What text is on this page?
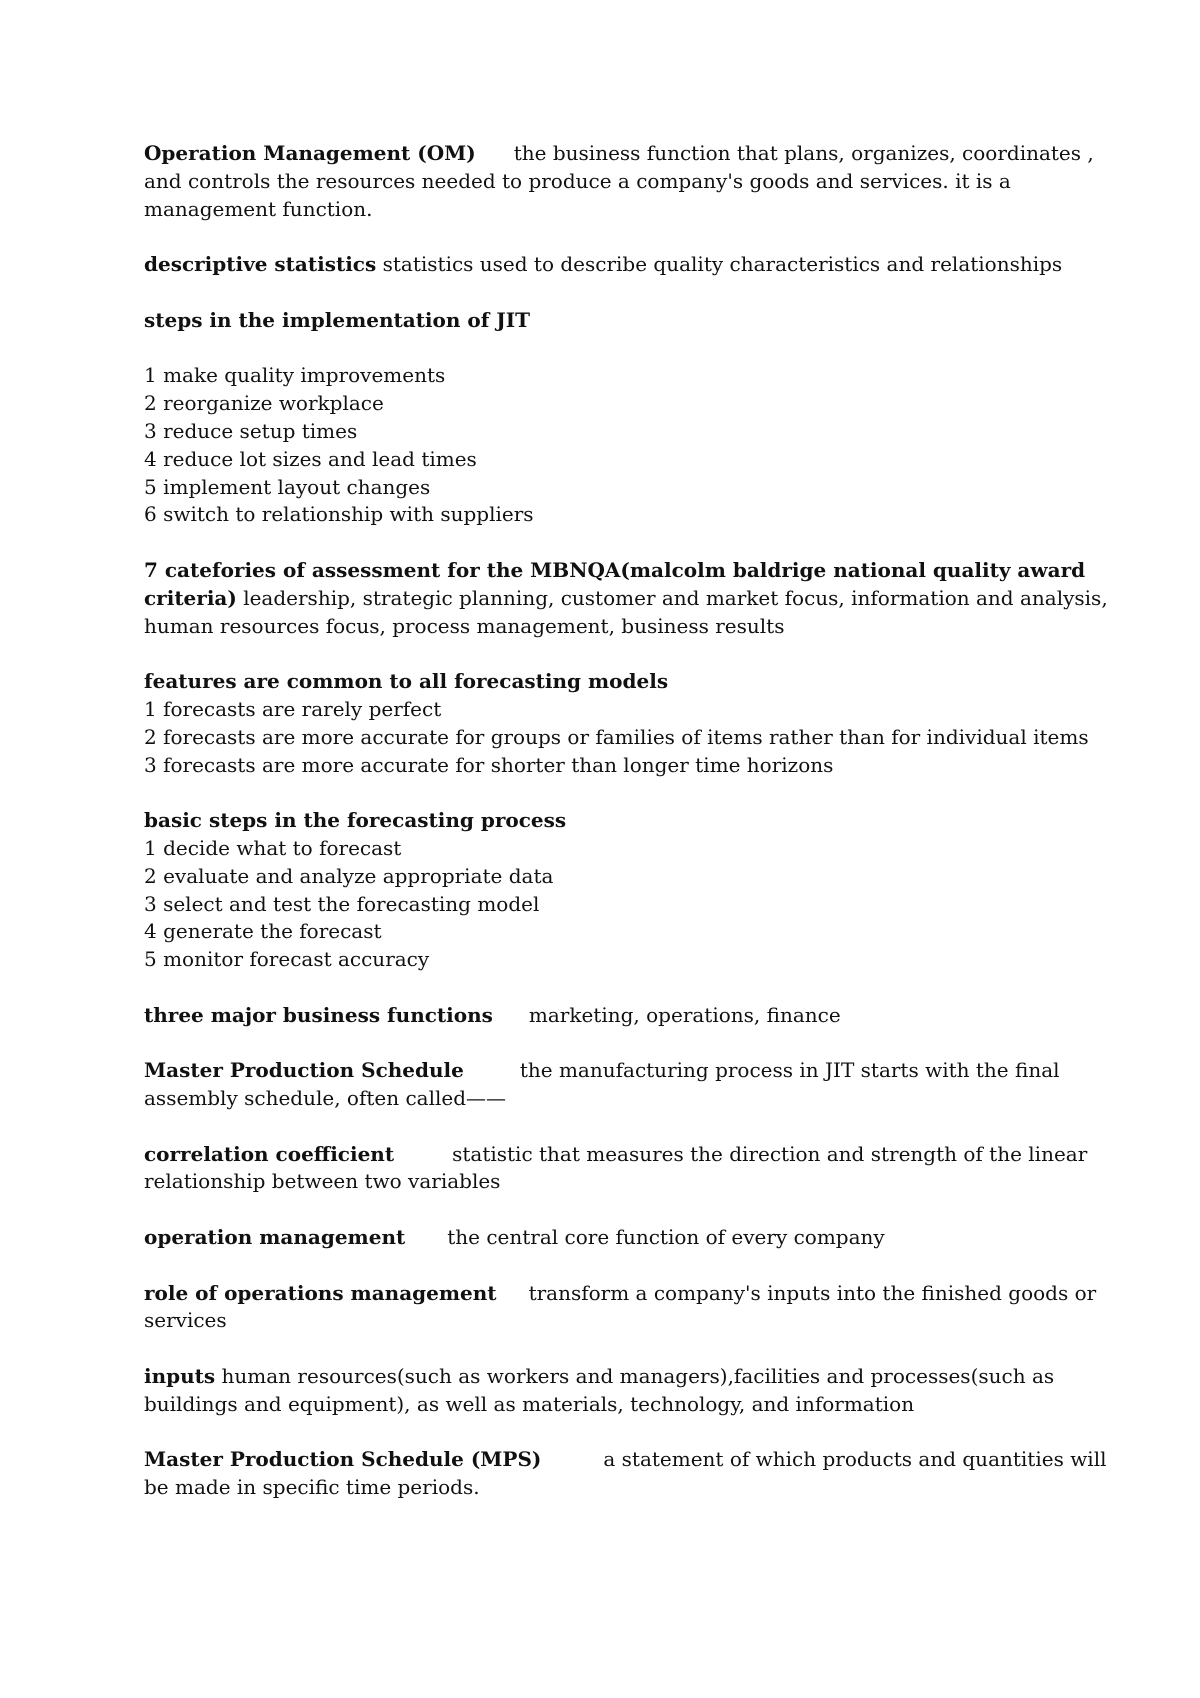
Operation Management (OM) the business function that plans, organizes, coordinates ,
and controls the resources needed to produce a company's goods and services. it is a
management function.
descriptive statistics statistics used to describe quality characteristics and relationships
steps in the implementation of JIT
1 make quality improvements
2 reorganize workplace
3 reduce setup times
4 reduce lot sizes and lead times
5 implement layout changes
6 switch to relationship with suppliers
7 catefories of assessment for the MBNQA(malcolm baldrige national quality award
criteria) leadership, strategic planning, customer and market focus, information and analysis,
human resources focus, process management, business results
features are common to all forecasting models
1 forecasts are rarely perfect
2 forecasts are more accurate for groups or families of items rather than for individual items
3 forecasts are more accurate for shorter than longer time horizons
basic steps in the forecasting process
1 decide what to forecast
2 evaluate and analyze appropriate data
3 select and test the forecasting model
4 generate the forecast
5 monitor forecast accuracy
three major business functions marketing, operations, finance
Master Production Schedule	the manufacturing process in JIT starts with the final
assembly schedule, often called——
correlation coefficient	statistic that measures the direction and strength of the linear
relationship between two variables
operation management the central core function of every company
role of operations management transform a company's inputs into the finished goods or
services
inputs human resources(such as workers and managers),facilities and processes(such as
buildings and equipment), as well as materials, technology, and information
Master Production Schedule (MPS)	a statement of which products and quantities will
be made in specific time periods.
